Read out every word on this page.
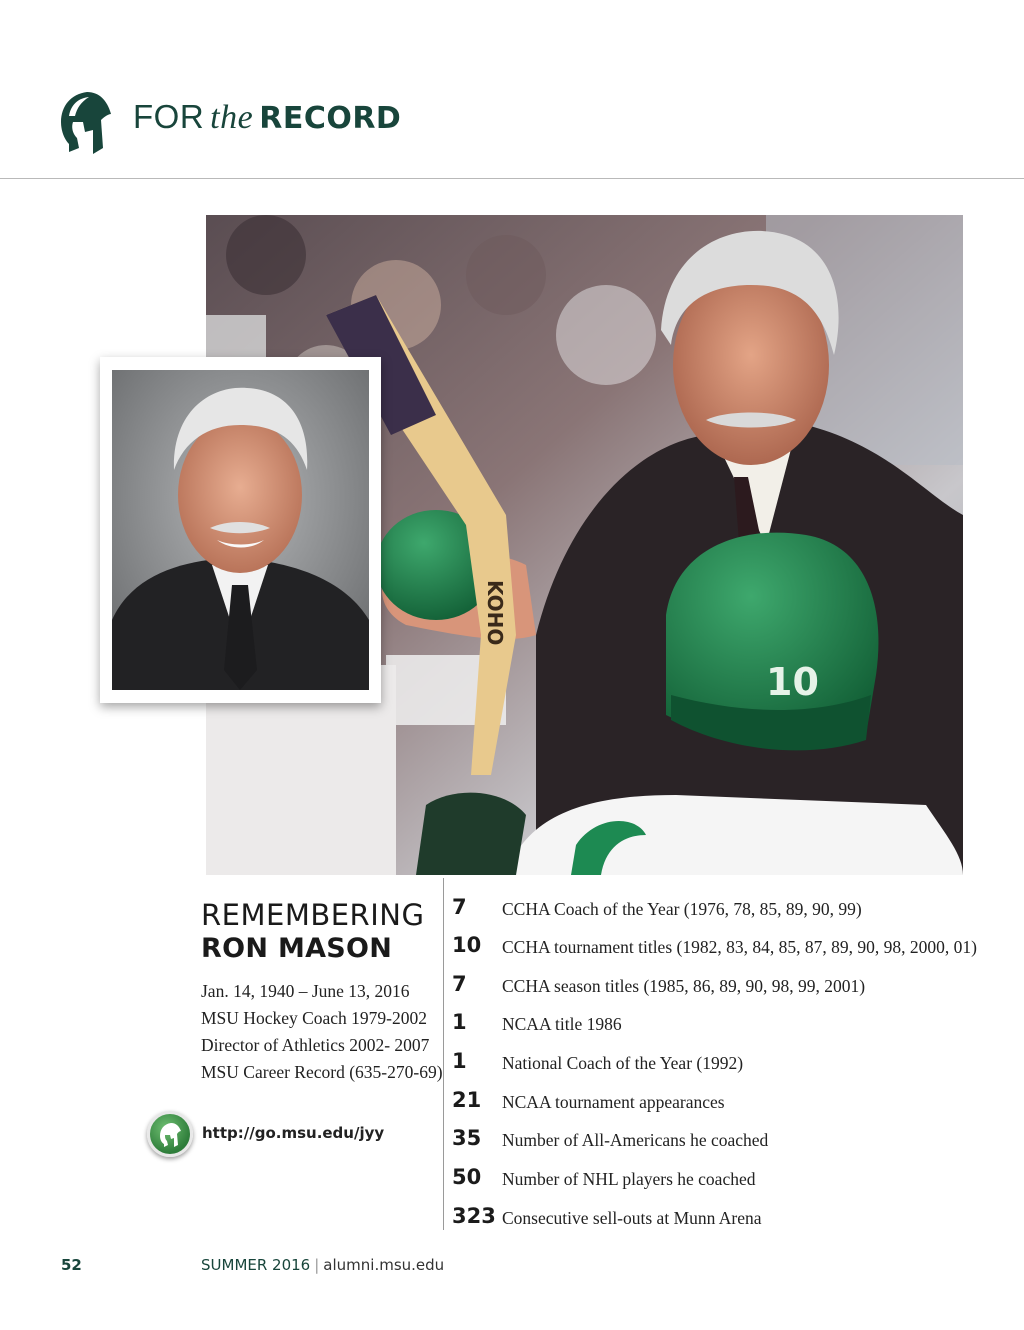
FOR the RECORD
KOHO
10
REMEMBERING
RON MASON
Jan. 14, 1940 – June 13, 2016
MSU Hockey Coach 1979-2002
Director of Athletics 2002- 2007
MSU Career Record (635-270-69)
http://go.msu.edu/jyy
7 CCHA Coach of the Year (1976, 78, 85, 89, 90, 99)
10 CCHA tournament titles (1982, 83, 84, 85, 87, 89, 90, 98, 2000, 01)
7 CCHA season titles (1985, 86, 89, 90, 98, 99, 2001)
1 NCAA title 1986
1 National Coach of the Year (1992)
21 NCAA tournament appearances
35 Number of All-Americans he coached
50 Number of NHL players he coached
323 Consecutive sell-outs at Munn Arena
52	SUMMER 2016 | alumni.msu.edu
